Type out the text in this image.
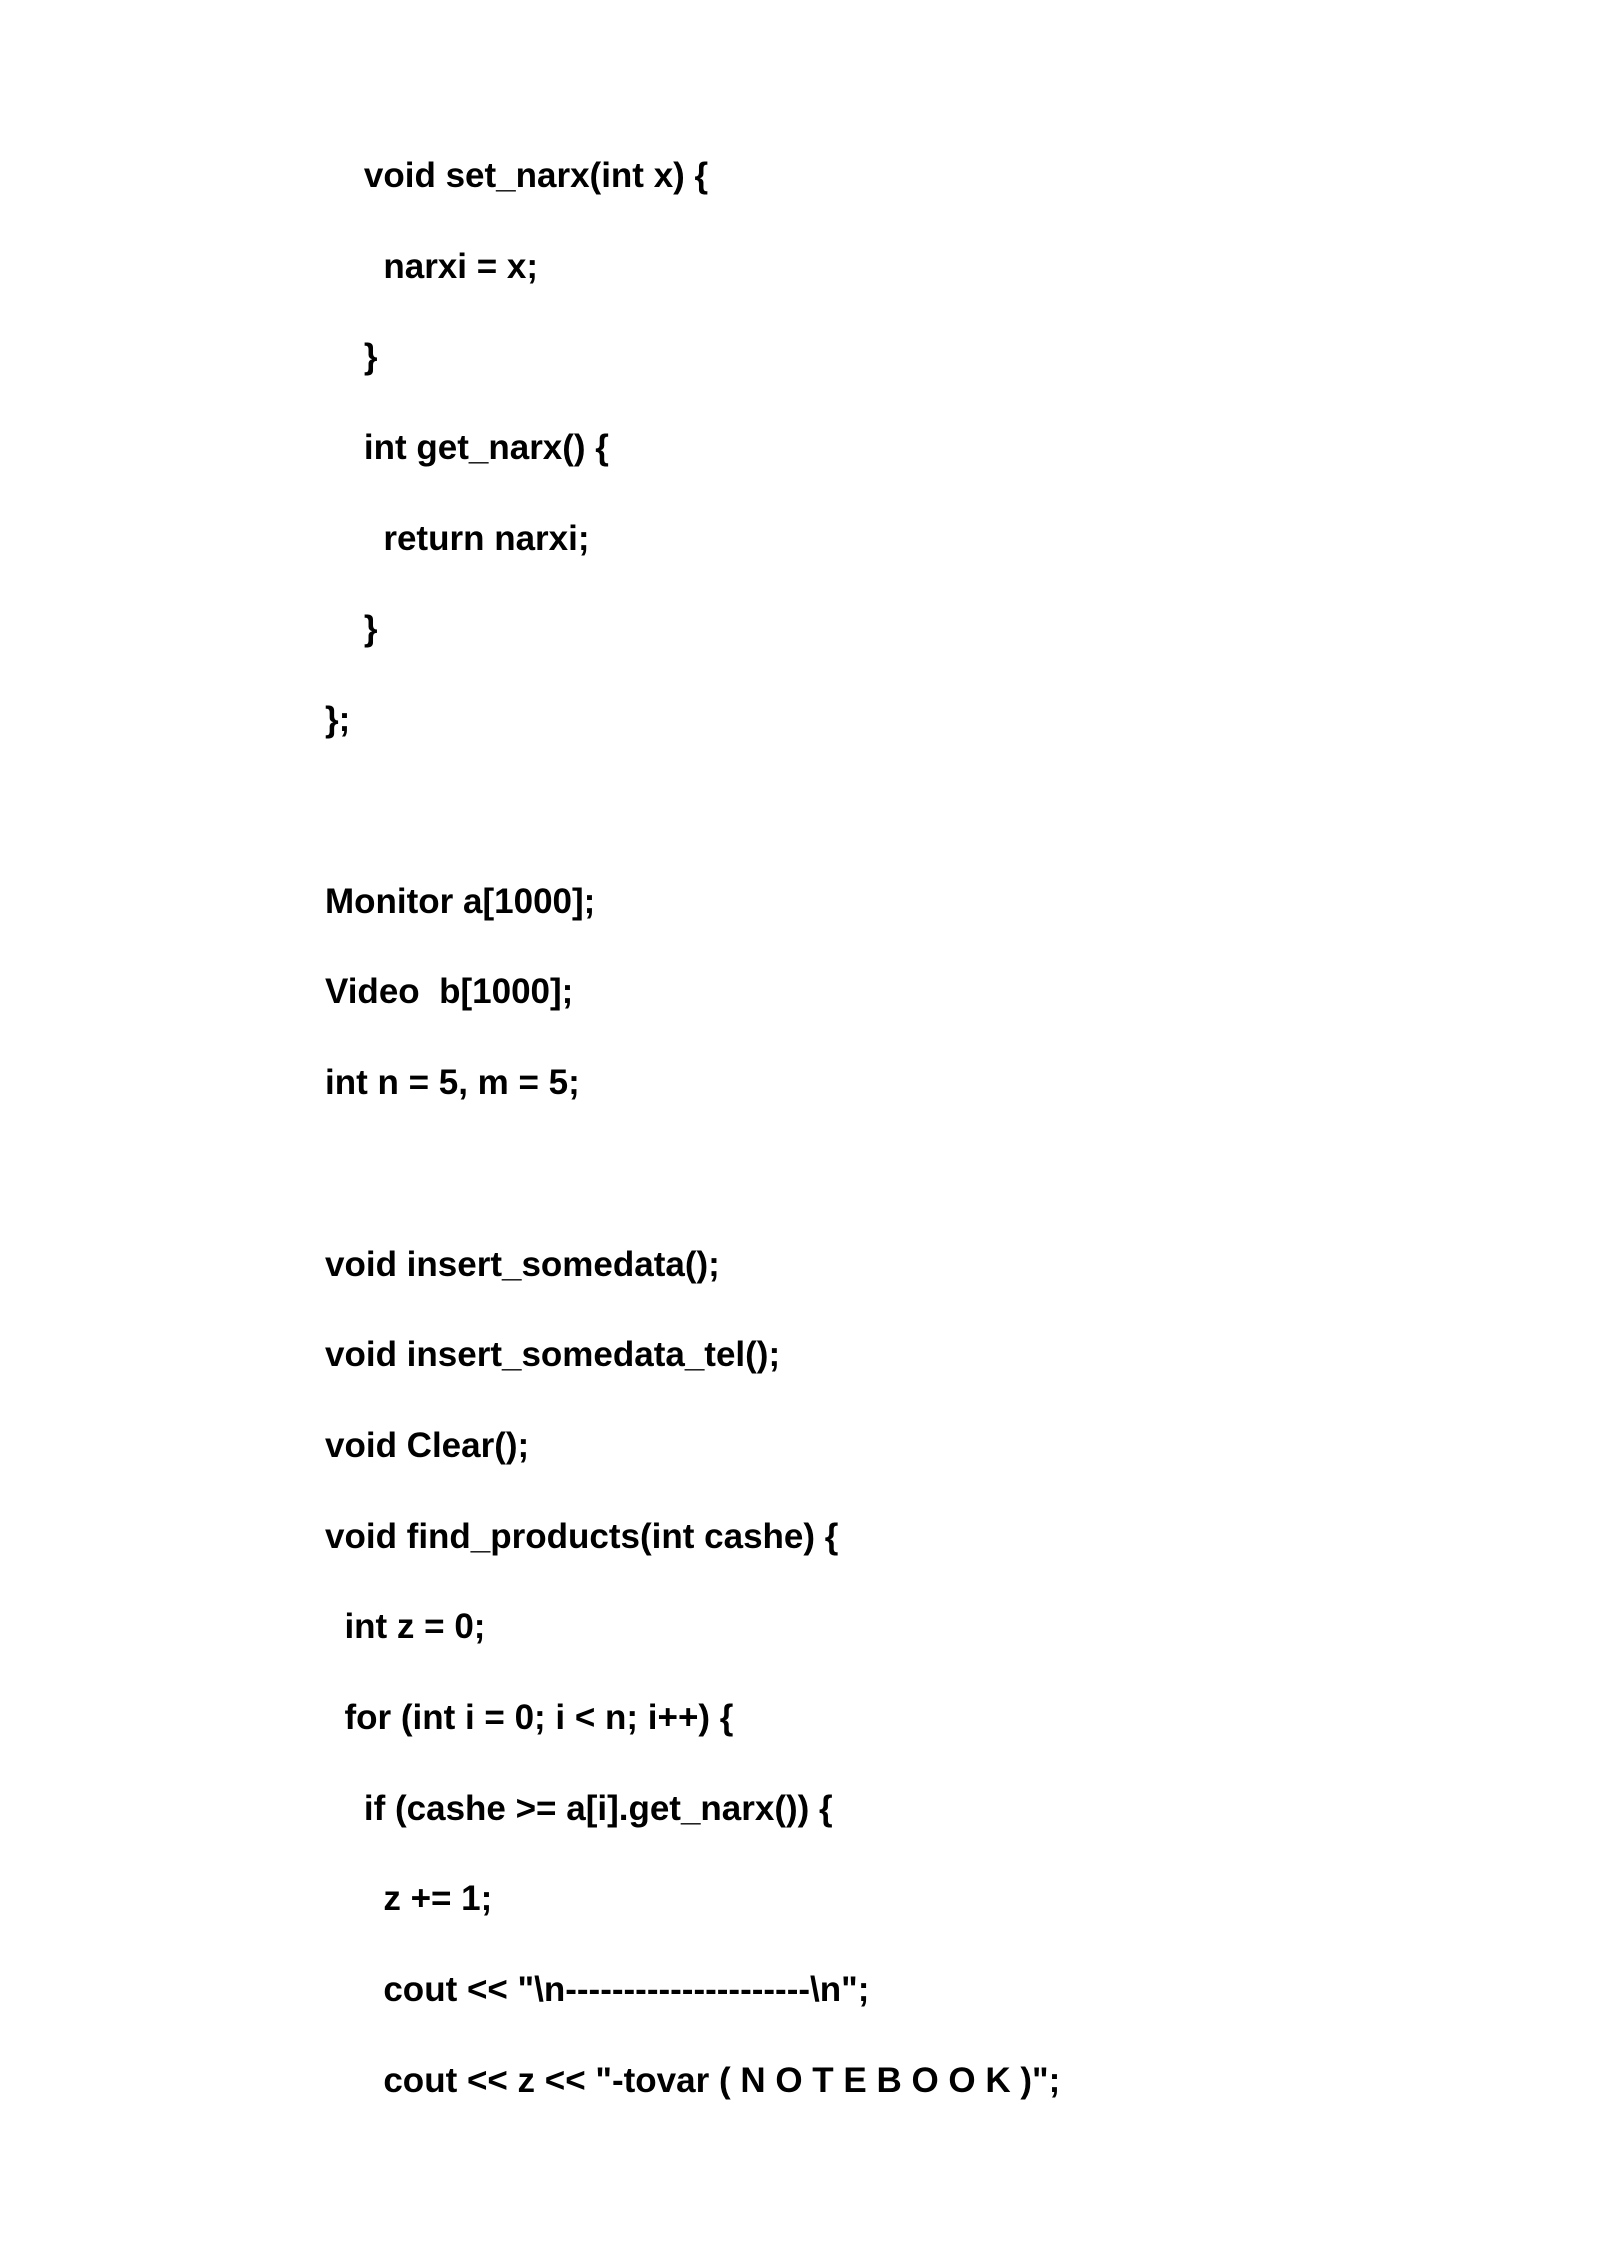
void set_narx(int x) {
narxi = x;
}
int get_narx() {
return narxi;
}
};
Monitor a[1000];
Video  b[1000];
int n = 5, m = 5;
void insert_somedata();
void insert_somedata_tel();
void Clear();
void find_products(int cashe) {
int z = 0;
for (int i = 0; i < n; i++) {
if (cashe >= a[i].get_narx()) {
z += 1;
cout << "\n---------------------\n";
cout << z << "-tovar ( N O T E B O O K )";
